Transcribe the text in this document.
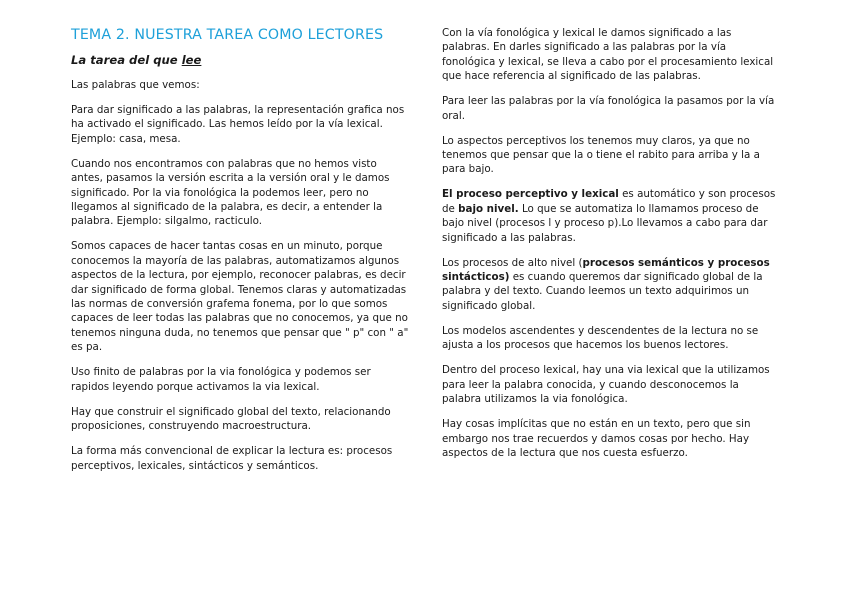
TEMA 2. NUESTRA TAREA COMO LECTORES
La tarea del que lee

Las palabras que vemos:

Para dar significado a las palabras, la representación grafica nos ha activado el significado. Las hemos leído por la vía lexical. Ejemplo: casa, mesa.

Cuando nos encontramos con palabras que no hemos visto antes, pasamos la versión escrita a la versión oral y le damos significado. Por la via fonológica la podemos leer, pero no llegamos al significado de la palabra, es decir, a entender la palabra. Ejemplo: silgalmo, racticulo.

Somos capaces de hacer tantas cosas en un minuto, porque conocemos la mayoría de las palabras, automatizamos algunos aspectos de la lectura, por ejemplo, reconocer palabras, es decir dar significado de forma global. Tenemos claras y automatizadas las normas de conversión grafema fonema, por lo que somos capaces de leer todas las palabras que no conocemos, ya que no tenemos ninguna duda, no tenemos que pensar que " p" con " a" es pa.

Uso finito de palabras por la via fonológica y podemos ser rapidos leyendo porque activamos la via lexical.

Hay que construir el significado global del texto, relacionando proposiciones, construyendo macroestructura.

La forma más convencional de explicar la lectura es: procesos perceptivos, lexicales, sintácticos y semánticos.

Con la vía fonológica y lexical le damos significado a las palabras. En darles significado a las palabras por la vía fonológica y lexical, se lleva a cabo por el procesamiento lexical que hace referencia al significado de las palabras.

Para leer las palabras por la vía fonológica la pasamos por la vía oral.

Lo aspectos perceptivos los tenemos muy claros, ya que no tenemos que pensar que la o tiene el rabito para arriba y la a para bajo.

El proceso perceptivo y lexical es automático y son procesos de bajo nivel. Lo que se automatiza lo llamamos proceso de bajo nivel (procesos l y proceso p).Lo llevamos a cabo para dar significado a las palabras.

Los procesos de alto nivel (procesos semánticos y procesos sintácticos) es cuando queremos dar significado global de la palabra y del texto. Cuando leemos un texto adquirimos un significado global.

Los modelos ascendentes y descendentes de la lectura no se ajusta a los procesos que hacemos los buenos lectores.

Dentro del proceso lexical, hay una via lexical que la utilizamos para leer la palabra conocida, y cuando desconocemos la palabra utilizamos la via fonológica.

Hay cosas implícitas que no están en un texto, pero que sin embargo nos trae recuerdos y damos cosas por hecho. Hay aspectos de la lectura que nos cuesta esfuerzo.
